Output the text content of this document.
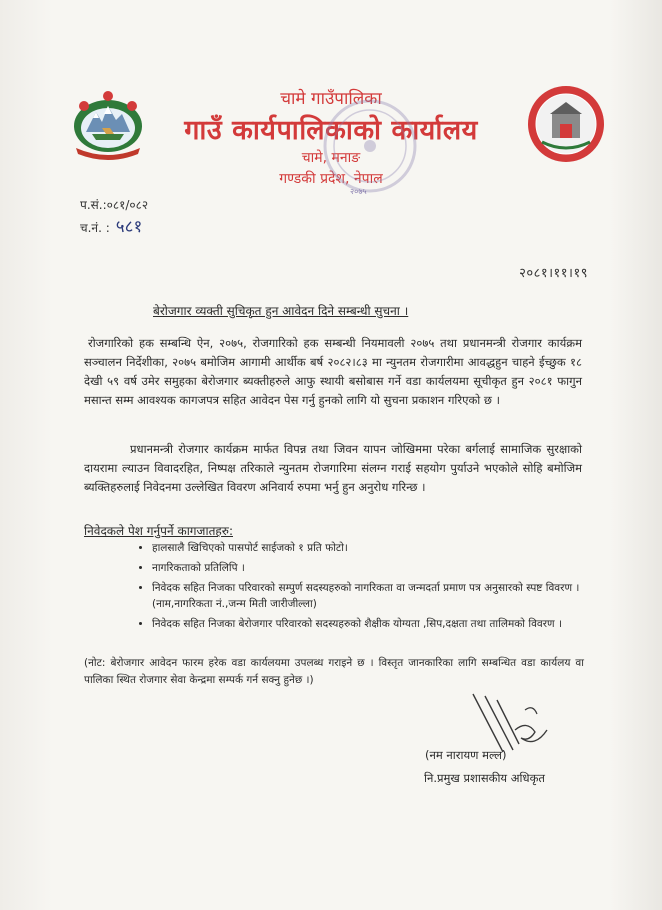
चामे गाउँपालिका
गाउँ कार्यपालिकाको कार्यालय
चामे, मनाङ
गण्डकी प्रदेश, नेपाल
२०७५
प.सं.:०८१/०८२
च.नं. : ५८१
२०८१।११।१९
बेरोजगार व्यक्ती सुचिकृत हुन आवेदन दिने सम्बन्धी सुचना ।
रोजगारिको हक सम्बन्धि ऐन, २०७५, रोजगारिको हक सम्बन्धी नियमावली २०७५ तथा प्रधानमन्त्री रोजगार कार्यक्रम सञ्चालन निर्देशीका, २०७५ बमोजिम आगामी आर्थीक बर्ष २०८२।८३ मा न्युनतम रोजगारीमा आवद्धहुन चाहने ईच्छुक १८ देखी ५९ वर्ष उमेर समुहका बेरोजगार ब्यक्तीहरुले आफु स्थायी बसोबास गर्ने वडा कार्यलयमा सूचीकृत हुन २०८१ फागुन मसान्त सम्म आवश्यक कागजपत्र सहित आवेदन पेस गर्नु हुनको लागि यो सुचना प्रकाशन गरिएको छ ।
प्रधानमन्त्री रोजगार कार्यक्रम मार्फत विपन्न तथा जिवन यापन जोखिममा परेका बर्गलाई सामाजिक सुरक्षाको दायरामा ल्याउन विवादरहित, निष्पक्ष तरिकाले न्युनतम रोजगारिमा संलग्न गराई सहयोग पुर्याउने भएकोले सोहि बमोजिम ब्यक्तिहरुलाई निवेदनमा उल्लेखित विवरण अनिवार्य रुपमा भर्नु हुन अनुरोध गरिन्छ ।
निवेदकले पेश गर्नुपर्ने कागजातहरु:
• हालसालै खिचिएको पासपोर्ट साईजको १ प्रति फोटो।
• नागरिकताको प्रतिलिपि ।
• निवेदक सहित निजका परिवारको सम्पुर्ण सदस्यहरुको नागरिकता वा जन्मदर्ता प्रमाण पत्र अनुसारको स्पष्ट विवरण । (नाम,नागरिकता नं.,जन्म मिती जारीजील्ला)
• निवेदक सहित निजका बेरोजगार परिवारको सदस्यहरुको शैक्षीक योग्यता ,सिप,दक्षता तथा तालिमको विवरण ।
(नोट: बेरोजगार आवेदन फारम हरेक वडा कार्यलयमा उपलब्ध गराइने छ । विस्तृत जानकारिका लागि सम्बन्धित वडा कार्यलय वा पालिका स्थित रोजगार सेवा केन्द्रमा सम्पर्क गर्न सक्नु हुनेछ ।)
(नम नारायण मल्ल)
नि.प्रमुख प्रशासकीय अधिकृत
